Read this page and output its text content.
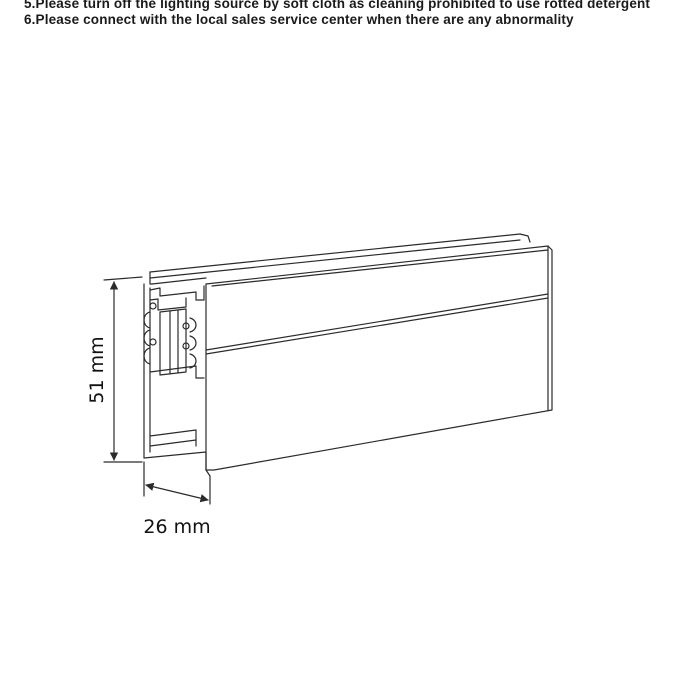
5.Please turn off the lighting source by soft cloth as cleaning prohibited to use rotted detergent
6.Please connect with the local sales service center when there are any abnormality
51 mm
26 mm
